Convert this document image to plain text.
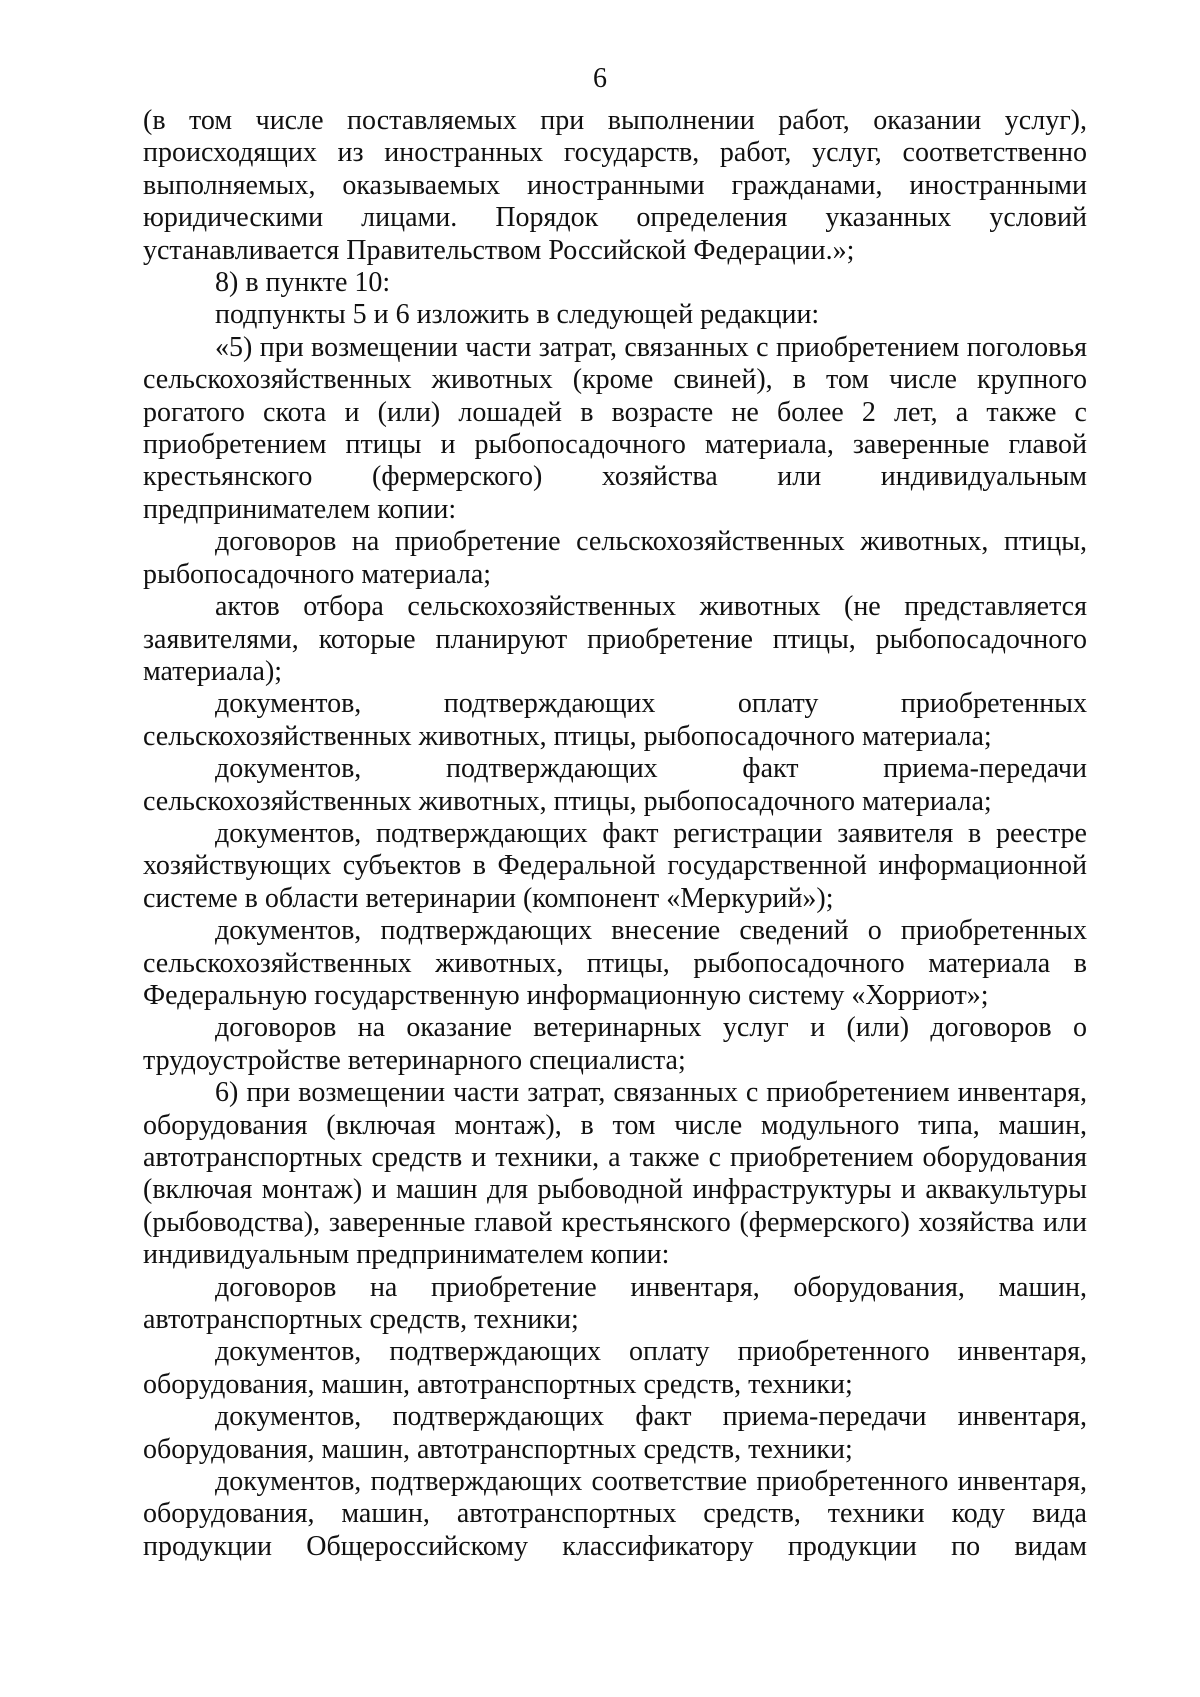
6

(в том числе поставляемых при выполнении работ, оказании услуг), происходящих из иностранных государств, работ, услуг, соответственно выполняемых, оказываемых иностранными гражданами, иностранными юридическими лицами. Порядок определения указанных условий устанавливается Правительством Российской Федерации.»;

8) в пункте 10:

подпункты 5 и 6 изложить в следующей редакции:

«5) при возмещении части затрат, связанных с приобретением поголовья сельскохозяйственных животных (кроме свиней), в том числе крупного рогатого скота и (или) лошадей в возрасте не более 2 лет, а также с приобретением птицы и рыбопосадочного материала, заверенные главой крестьянского (фермерского) хозяйства или индивидуальным предпринимателем копии:

договоров на приобретение сельскохозяйственных животных, птицы, рыбопосадочного материала;

актов отбора сельскохозяйственных животных (не представляется заявителями, которые планируют приобретение птицы, рыбопосадочного материала);

документов, подтверждающих оплату приобретенных сельскохозяйственных животных, птицы, рыбопосадочного материала;

документов, подтверждающих факт приема-передачи сельскохозяйственных животных, птицы, рыбопосадочного материала;

документов, подтверждающих факт регистрации заявителя в реестре хозяйствующих субъектов в Федеральной государственной информационной системе в области ветеринарии (компонент «Меркурий»);

документов, подтверждающих внесение сведений о приобретенных сельскохозяйственных животных, птицы, рыбопосадочного материала в Федеральную государственную информационную систему «Хорриот»;

договоров на оказание ветеринарных услуг и (или) договоров о трудоустройстве ветеринарного специалиста;

6) при возмещении части затрат, связанных с приобретением инвентаря, оборудования (включая монтаж), в том числе модульного типа, машин, автотранспортных средств и техники, а также с приобретением оборудования (включая монтаж) и машин для рыбоводной инфраструктуры и аквакультуры (рыбоводства), заверенные главой крестьянского (фермерского) хозяйства или индивидуальным предпринимателем копии:

договоров на приобретение инвентаря, оборудования, машин, автотранспортных средств, техники;

документов, подтверждающих оплату приобретенного инвентаря, оборудования, машин, автотранспортных средств, техники;

документов, подтверждающих факт приема-передачи инвентаря, оборудования, машин, автотранспортных средств, техники;

документов, подтверждающих соответствие приобретенного инвентаря, оборудования, машин, автотранспортных средств, техники коду вида продукции Общероссийскому классификатору продукции по видам
